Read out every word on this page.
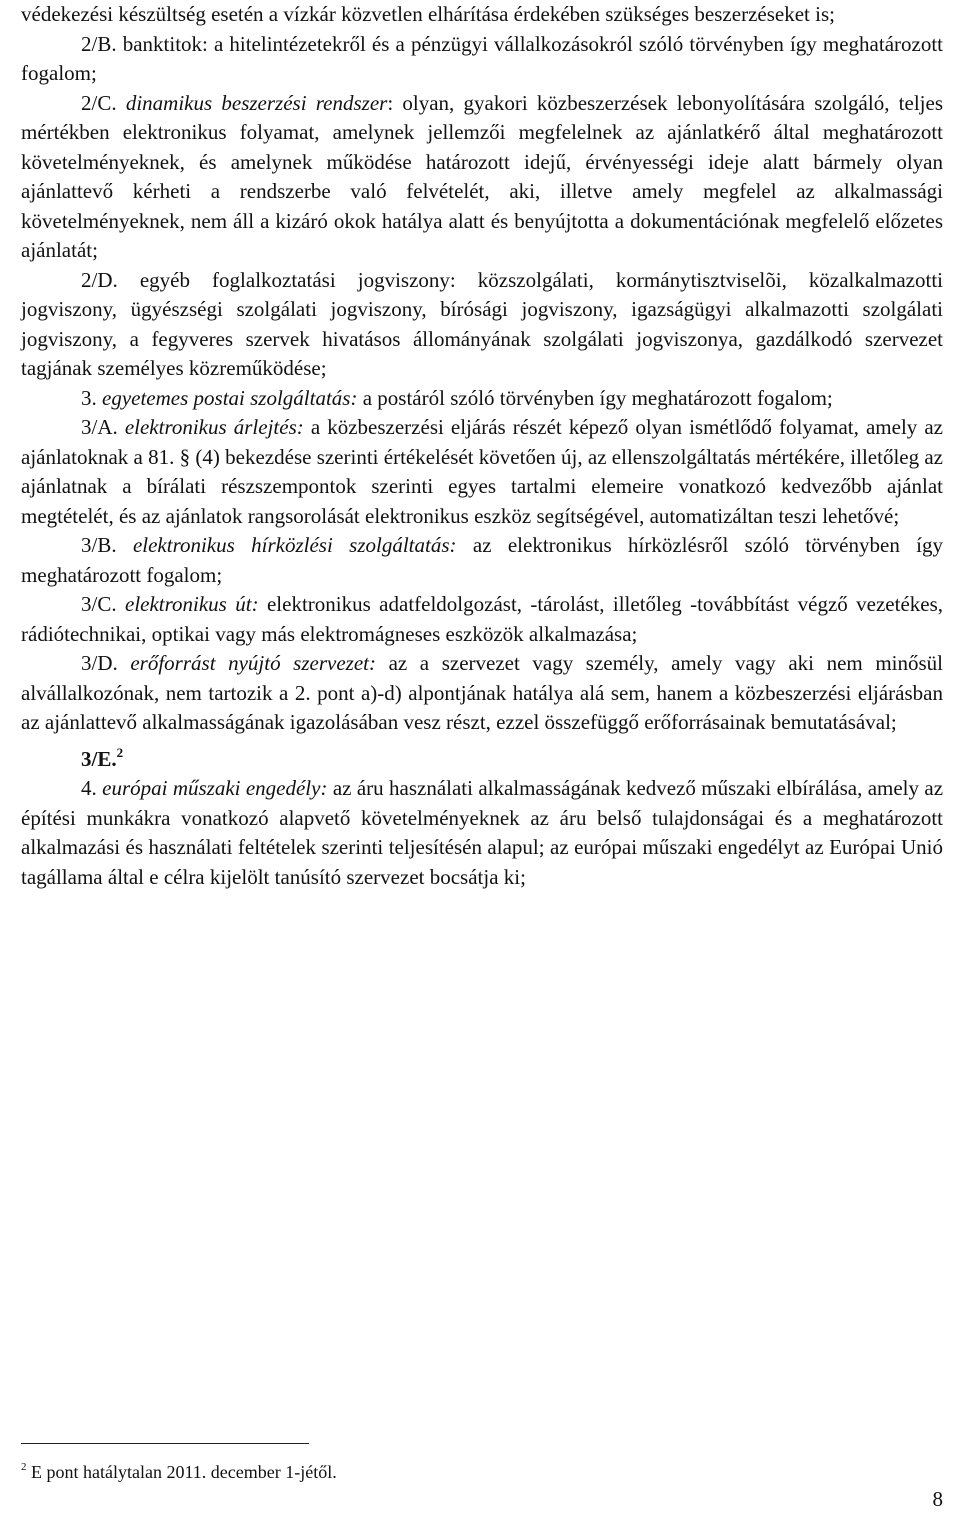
védekezési készültség esetén a vízkár közvetlen elhárítása érdekében szükséges beszerzéseket is;

2/B. banktitok: a hitelintézetekről és a pénzügyi vállalkozásokról szóló törvényben így meghatározott fogalom;

2/C. dinamikus beszerzési rendszer: olyan, gyakori közbeszerzések lebonyolítására szolgáló, teljes mértékben elektronikus folyamat, amelynek jellemzői megfelelnek az ajánlatkérő által meghatározott követelményeknek, és amelynek működése határozott idejű, érvényességi ideje alatt bármely olyan ajánlattevő kérheti a rendszerbe való felvételét, aki, illetve amely megfelel az alkalmassági követelményeknek, nem áll a kizáró okok hatálya alatt és benyújtotta a dokumentációnak megfelelő előzetes ajánlatát;

2/D. egyéb foglalkoztatási jogviszony: közszolgálati, kormánytisztviselõi, közalkalmazotti jogviszony, ügyészségi szolgálati jogviszony, bírósági jogviszony, igazságügyi alkalmazotti szolgálati jogviszony, a fegyveres szervek hivatásos állományának szolgálati jogviszonya, gazdálkodó szervezet tagjának személyes közreműködése;

3. egyetemes postai szolgáltatás: a postáról szóló törvényben így meghatározott fogalom;

3/A. elektronikus árlejtés: a közbeszerzési eljárás részét képező olyan ismétlődő folyamat, amely az ajánlatoknak a 81. § (4) bekezdése szerinti értékelését követően új, az ellenszolgáltatás mértékére, illetőleg az ajánlatnak a bírálati részszempontok szerinti egyes tartalmi elemeire vonatkozó kedvezőbb ajánlat megtételét, és az ajánlatok rangsorolását elektronikus eszköz segítségével, automatizáltan teszi lehetővé;

3/B. elektronikus hírközlési szolgáltatás: az elektronikus hírközlésről szóló törvényben így meghatározott fogalom;

3/C. elektronikus út: elektronikus adatfeldolgozást, -tárolást, illetőleg -továbbítást végző vezetékes, rádiótechnikai, optikai vagy más elektromágneses eszközök alkalmazása;

3/D. erőforrást nyújtó szervezet: az a szervezet vagy személy, amely vagy aki nem minősül alvállalkozónak, nem tartozik a 2. pont a)-d) alpontjának hatálya alá sem, hanem a közbeszerzési eljárásban az ajánlattevő alkalmasságának igazolásában vesz részt, ezzel összefüggő erőforrásainak bemutatásával;

3/E.$^2$

4. európai műszaki engedély: az áru használati alkalmasságának kedvező műszaki elbírálása, amely az építési munkákra vonatkozó alapvető követelményeknek az áru belső tulajdonságai és a meghatározott alkalmazási és használati feltételek szerinti teljesítésén alapul; az európai műszaki engedélyt az Európai Unió tagállama által e célra kijelölt tanúsító szervezet bocsátja ki;

$^2$ E pont hatálytalan 2011. december 1-jétől.
8
